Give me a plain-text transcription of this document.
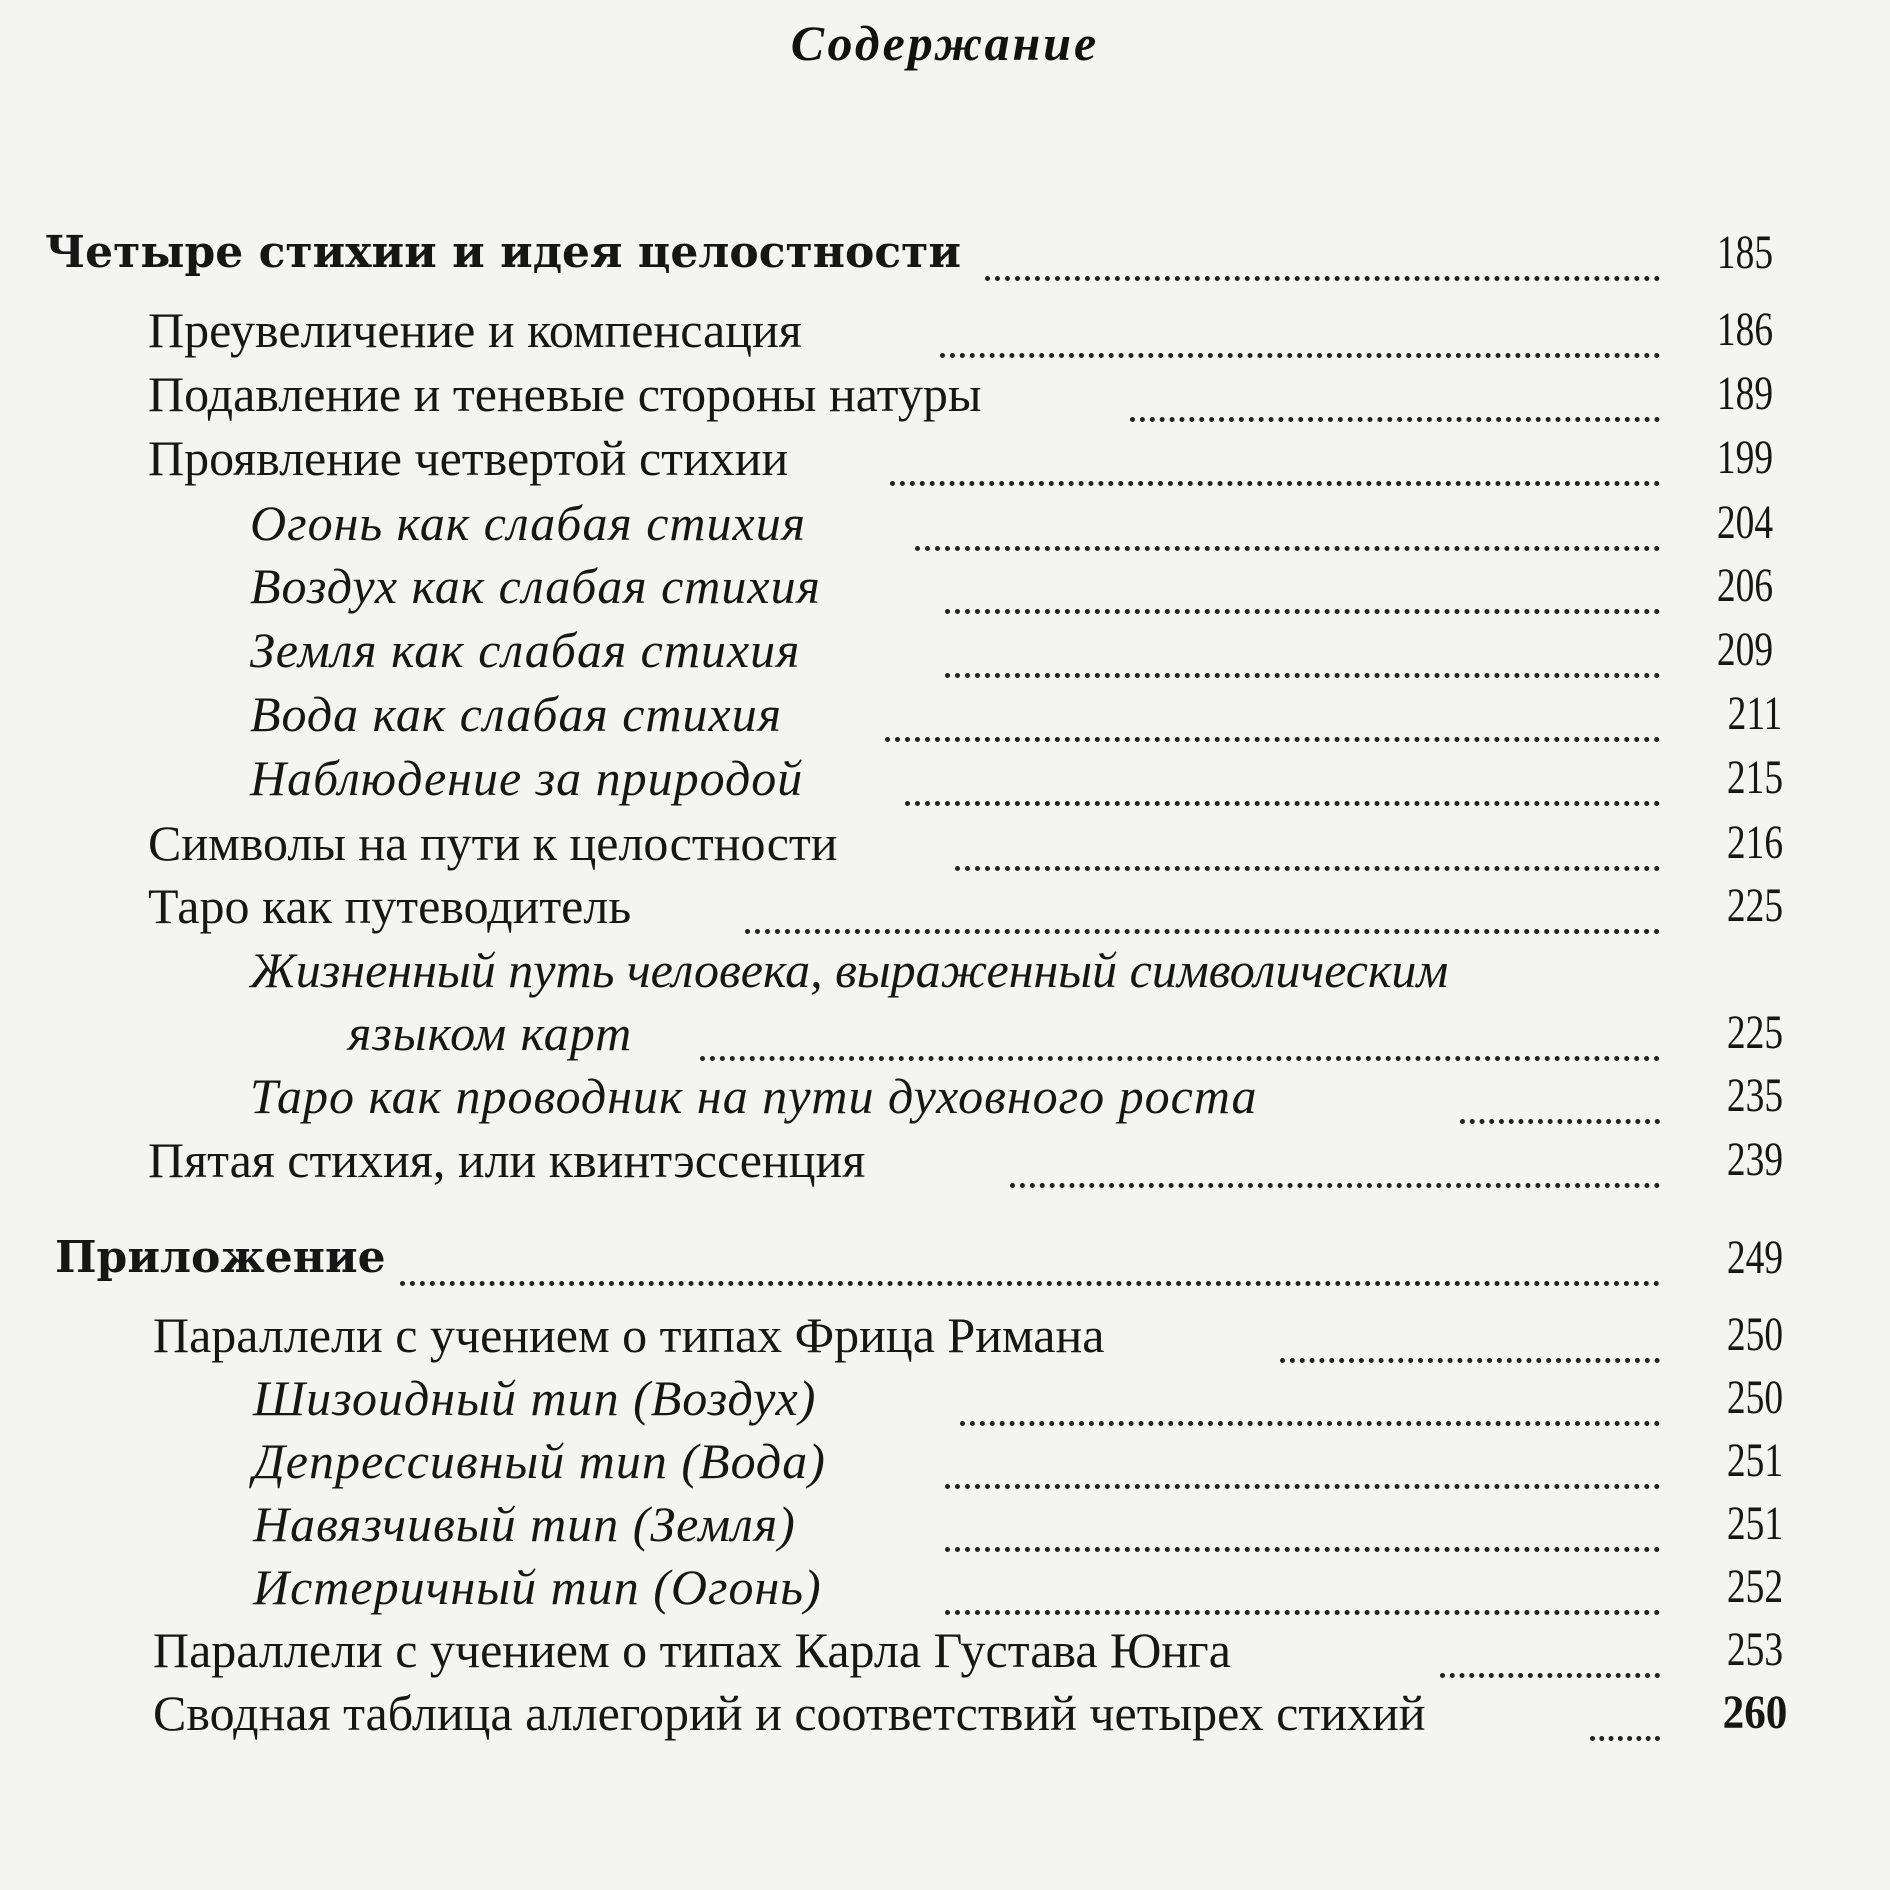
Содержание
Четыре стихии и идея целостности	185
Преувеличение и компенсация	186
Подавление и теневые стороны натуры	189
Проявление четвертой стихии	199
Огонь как слабая стихия	204
Воздух как слабая стихия	206
Земля как слабая стихия	209
Вода как слабая стихия	211
Наблюдение за природой	215
Символы на пути к целостности	216
Таро как путеводитель	225
Жизненный путь человека, выраженный символическим
языком карт	225
Таро как проводник на пути духовного роста	235
Пятая стихия, или квинтэссенция	239
Приложение	249
Параллели с учением о типах Фрица Римана	250
Шизоидный тип (Воздух)	250
Депрессивный тип (Вода)	251
Навязчивый тип (Земля)	251
Истеричный тип (Огонь)	252
Параллели с учением о типах Карла Густава Юнга	253
Сводная таблица аллегорий и соответствий четырех стихий	260
